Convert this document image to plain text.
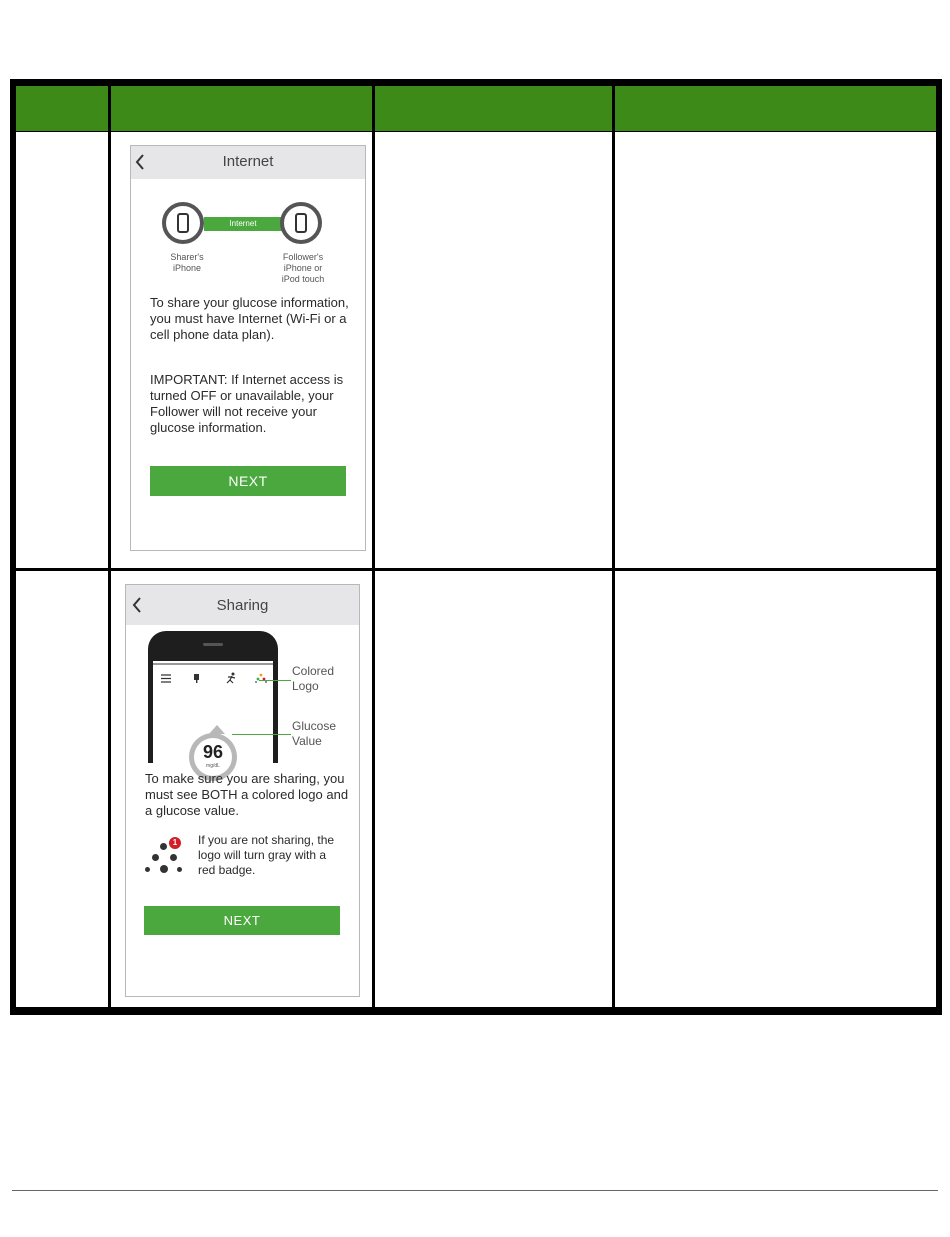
Internet
Internet
Sharer's
iPhone
Follower's
iPhone or
iPod touch

To share your glucose information, you must have Internet (Wi-Fi or a cell phone data plan).

IMPORTANT: If Internet access is turned OFF or unavailable, your Follower will not receive your glucose information.

NEXT
Sharing
96
mg/dL
Colored
Logo
Glucose
Value

To make sure you are sharing, you must see BOTH a colored logo and a glucose value.

1	If you are not sharing, the logo will turn gray with a red badge.

NEXT
